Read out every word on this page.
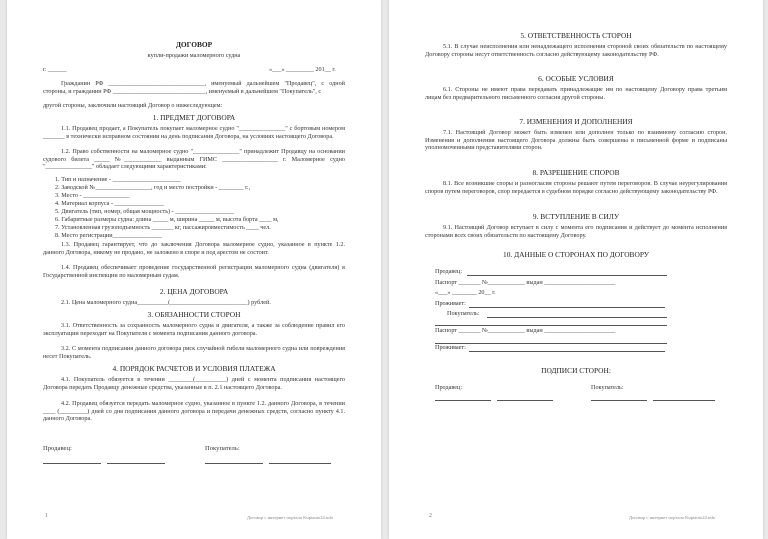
ДОГОВОР
купли-продажи маломерного судна
г. ______	«___» _________ 201__ г.
Гражданин РФ _______________________________, именуемый дальнейшем "Продавец", с одной стороны, и гражданин РФ ______________________________, именуемый в дальнейшем "Покупатель", с
другой стороны, заключили настоящий Договор о нижеследующем:
1. ПРЕДМЕТ ДОГОВОРА
1.1. Продавец продает, а Покупатель покупает маломерное судно "_______________" с бортовым номером _______ в технически исправном состоянии на день подписания Договора, на условиях настоящего Договора.
1.2. Право собственности на маломерное судно "_______________" принадлежит Продавцу на основании судового билета _____ №____________ выданным ГИМС __________________ г. Маломерное судно "_______________" обладает следующими характеристиками:
1. Тип и назначение - ______________________
2. Заводской №__________________, год и место постройки - ________ г.,
3. Место - _______________
4. Материал корпуса - ________________
5. Двигатель (тип, номер, общая мощность) - ___________________
6. Габаритные размеры судна: длина _____ м, ширина _____ м, высота борта ____ м,
7. Установленная грузоподъемность _______ кг, пассажировместимость ____ чел.
8. Место регистрации________________
1.3. Продавец гарантирует, что до заключения Договора маломерное судно, указанное в пункте 1.2. данного Договора, никому не продано, не заложено в споре и под арестом не состоит.
1.4. Продавец обеспечивает проведение государственной регистрации маломерного судна (двигателя) в Государственной инспекции по маломерным судам.
2. ЦЕНА ДОГОВОРА
2.1. Цена маломерного судна__________(_________________________) рублей.
3. ОБЯЗАННОСТИ СТОРОН
3.1. Ответственность за сохранность маломерного судна и двигателя, а также за соблюдение правил его эксплуатации переходит на Покупателя с момента подписания данного договора.
3.2. С момента подписания данного договора риск случайной гибели маломерного судна или повреждения несет Покупатель.
4. ПОРЯДОК РАСЧЕТОВ И УСЛОВИЯ ПЛАТЕЖА
4.1. Покупатель обязуется в течении ________(__________) дней с момента подписания настоящего Договора передать Продавцу денежные средства, указанные в п. 2.1 настоящего Договора.
4.2. Продавец обязуется передать маломерное судно, указанное в пункте 1.2. данного Договора, в течении ____ (_________) дней со дня подписания данного договора и передачи денежных средств, согласно пункту 4.1. данного Договора.
Продавец:	Покупатель:
1	Договор с интернет портала Kupiauto24.info
5. ОТВЕТСТВЕННОСТЬ СТОРОН
5.1. В случае неисполнения или ненадлежащего исполнения стороной своих обязательств по настоящему Договору стороны несут ответственность согласно действующему законодательству РФ.
6. ОСОБЫЕ УСЛОВИЯ
6.1. Стороны не имеют права передавать принадлежащие им по настоящему Договору права третьим лицам без предварительного письменного согласия другой стороны.
7. ИЗМЕНЕНИЯ И ДОПОЛНЕНИЯ
7.1. Настоящий Договор может быть изменен или дополнен только по взаимному согласию сторон. Изменения и дополнения настоящего Договора должны быть совершены в письменной форме и подписаны уполномоченными представителями сторон.
8. РАЗРЕШЕНИЕ СПОРОВ
8.1. Все возникшие споры и разногласия стороны решают путем переговоров. В случае неурегулирования споров путем переговоров, спор передается в судебном порядке согласно действующему законодательству РФ.
9. ВСТУПЛЕНИЕ В СИЛУ
9.1. Настоящий Договор вступает в силу с момента его подписания и действует до момента исполнения сторонами всех своих обязательств по настоящему Договору.
10. ДАННЫЕ О СТОРОНАХ ПО ДОГОВОРУ
Продавец:
Паспорт _______ №____________ выдан _______________________
«___» ________ 20__ г.
Проживает:
Покупатель:
Паспорт _______ №____________ выдан _______________________
Проживает:
ПОДПИСИ СТОРОН:
Продавец:	Покупатель:
2	Договор с интернет портала Kupiauto24.info
